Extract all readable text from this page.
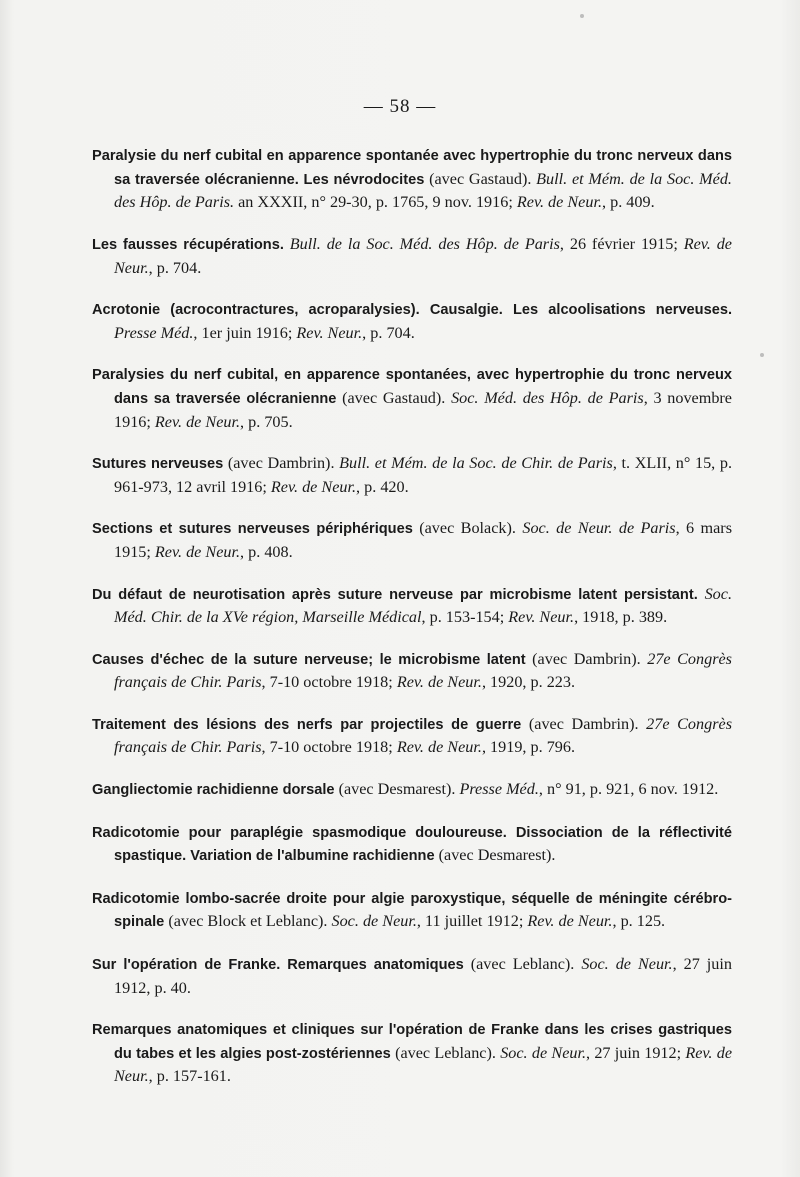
— 58 —

Paralysie du nerf cubital en apparence spontanée avec hypertrophie du tronc nerveux dans sa traversée olécranienne. Les névrodocites (avec Gastaud). Bull. et Mém. de la Soc. Méd. des Hôp. de Paris. an XXXII, n° 29-30, p. 1765, 9 nov. 1916; Rev. de Neur., p. 409.

Les fausses récupérations. Bull. de la Soc. Méd. des Hôp. de Paris, 26 février 1915; Rev. de Neur., p. 704.

Acrotonie (acrocontractures, acroparalysies). Causalgie. Les alcoolisations nerveuses. Presse Méd., 1er juin 1916; Rev. Neur., p. 704.

Paralysies du nerf cubital, en apparence spontanées, avec hypertrophie du tronc nerveux dans sa traversée olécranienne (avec Gastaud). Soc. Méd. des Hôp. de Paris, 3 novembre 1916; Rev. de Neur., p. 705.

Sutures nerveuses (avec Dambrin). Bull. et Mém. de la Soc. de Chir. de Paris, t. XLII, n° 15, p. 961-973, 12 avril 1916; Rev. de Neur., p. 420.

Sections et sutures nerveuses périphériques (avec Bolack). Soc. de Neur. de Paris, 6 mars 1915; Rev. de Neur., p. 408.

Du défaut de neurotisation après suture nerveuse par microbisme latent persistant. Soc. Méd. Chir. de la XVe région, Marseille Médical, p. 153-154; Rev. Neur., 1918, p. 389.

Causes d'échec de la suture nerveuse; le microbisme latent (avec Dambrin). 27e Congrès français de Chir. Paris, 7-10 octobre 1918; Rev. de Neur., 1920, p. 223.

Traitement des lésions des nerfs par projectiles de guerre (avec Dambrin). 27e Congrès français de Chir. Paris, 7-10 octobre 1918; Rev. de Neur., 1919, p. 796.

Gangliectomie rachidienne dorsale (avec Desmarest). Presse Méd., n° 91, p. 921, 6 nov. 1912.

Radicotomie pour paraplégie spasmodique douloureuse. Dissociation de la réflectivité spastique. Variation de l'albumine rachidienne (avec Desmarest).

Radicotomie lombo-sacrée droite pour algie paroxystique, séquelle de méningite cérébro-spinale (avec Block et Leblanc). Soc. de Neur., 11 juillet 1912; Rev. de Neur., p. 125.

Sur l'opération de Franke. Remarques anatomiques (avec Leblanc). Soc. de Neur., 27 juin 1912, p. 40.

Remarques anatomiques et cliniques sur l'opération de Franke dans les crises gastriques du tabes et les algies post-zostériennes (avec Leblanc). Soc. de Neur., 27 juin 1912; Rev. de Neur., p. 157-161.
